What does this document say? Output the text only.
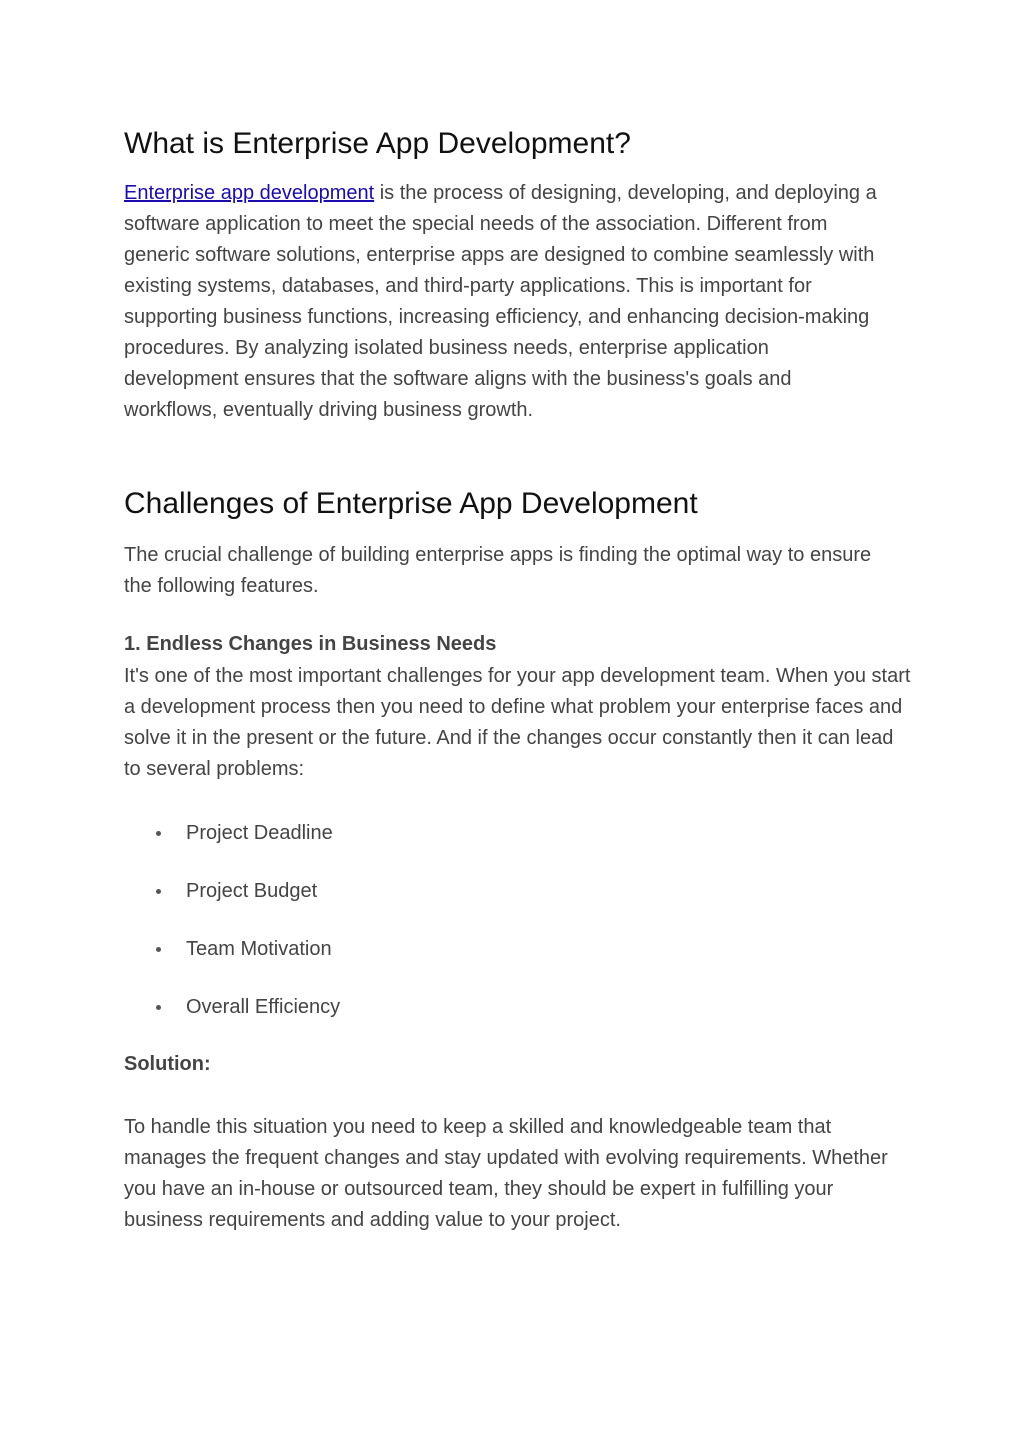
What is Enterprise App Development?

Enterprise app development is the process of designing, developing, and deploying a software application to meet the special needs of the association. Different from generic software solutions, enterprise apps are designed to combine seamlessly with existing systems, databases, and third-party applications. This is important for supporting business functions, increasing efficiency, and enhancing decision-making procedures. By analyzing isolated business needs, enterprise application development ensures that the software aligns with the business's goals and workflows, eventually driving business growth.

Challenges of Enterprise App Development

The crucial challenge of building enterprise apps is finding the optimal way to ensure the following features.

1. Endless Changes in Business Needs

It's one of the most important challenges for your app development team. When you start a development process then you need to define what problem your enterprise faces and solve it in the present or the future. And if the changes occur constantly then it can lead to several problems:

Project Deadline
Project Budget
Team Motivation
Overall Efficiency

Solution:

To handle this situation you need to keep a skilled and knowledgeable team that manages the frequent changes and stay updated with evolving requirements. Whether you have an in-house or outsourced team, they should be expert in fulfilling your business requirements and adding value to your project.
